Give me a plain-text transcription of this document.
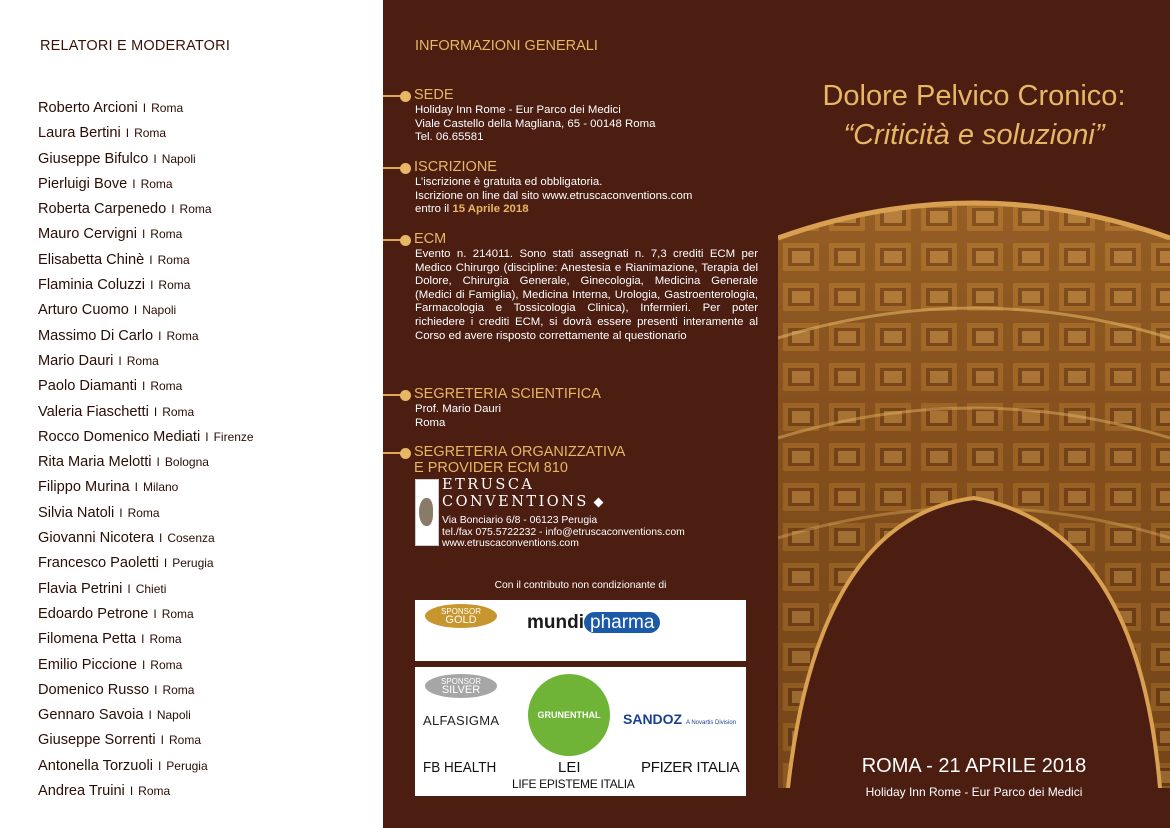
RELATORI E MODERATORI
Roberto Arcioni I Roma
Laura Bertini I Roma
Giuseppe Bifulco I Napoli
Pierluigi Bove I Roma
Roberta Carpenedo I Roma
Mauro Cervigni I Roma
Elisabetta Chinè I Roma
Flaminia Coluzzi I Roma
Arturo Cuomo I Napoli
Massimo Di Carlo I Roma
Mario Dauri I Roma
Paolo Diamanti I Roma
Valeria Fiaschetti I Roma
Rocco Domenico Mediati I Firenze
Rita Maria Melotti I Bologna
Filippo Murina I Milano
Silvia Natoli I Roma
Giovanni Nicotera I Cosenza
Francesco Paoletti I Perugia
Flavia Petrini I Chieti
Edoardo Petrone I Roma
Filomena Petta I Roma
Emilio Piccione I Roma
Domenico Russo I Roma
Gennaro Savoia I Napoli
Giuseppe Sorrenti I Roma
Antonella Torzuoli I Perugia
Andrea Truini I Roma
INFORMAZIONI GENERALI
SEDE
Holiday Inn Rome - Eur Parco dei Medici
Viale Castello della Magliana, 65 - 00148 Roma
Tel. 06.65581
ISCRIZIONE
L’iscrizione è gratuita ed obbligatoria.
Iscrizione on line dal sito www.etruscaconventions.com
entro il 15 Aprile 2018
ECM
Evento n. 214011. Sono stati assegnati n. 7,3 crediti ECM per Medico Chirurgo (discipline: Anestesia e Rianimazione, Terapia del Dolore, Chirurgia Generale, Ginecologia, Medicina Generale (Medici di Famiglia), Medicina Interna, Urologia, Gastroenterologia, Farmacologia e Tossicologia Clinica), Infermieri. Per poter richiedere i crediti ECM, si dovrà essere presenti interamente al Corso ed avere risposto correttamente al questionario
SEGRETERIA SCIENTIFICA
Prof. Mario Dauri
Roma
SEGRETERIA ORGANIZZATIVA
E PROVIDER ECM 810
ETRUSCA
CONVENTIONS
Via Bonciario 6/8 - 06123 Perugia
tel./fax 075.5722232 - info@etruscaconventions.com
www.etruscaconventions.com
Con il contributo non condizionante di
SPONSOR
GOLD	mundi pharma
SPONSOR
SILVER
ALFASIGMA	GRUNENTHAL	SANDOZ A Novartis Division
FB HEALTH	LEI
LIFE EPISTEME ITALIA
PFIZER ITALIA
Dolore Pelvico Cronico:
“Criticità e soluzioni”
ROMA - 21 APRILE 2018
Holiday Inn Rome - Eur Parco dei Medici
